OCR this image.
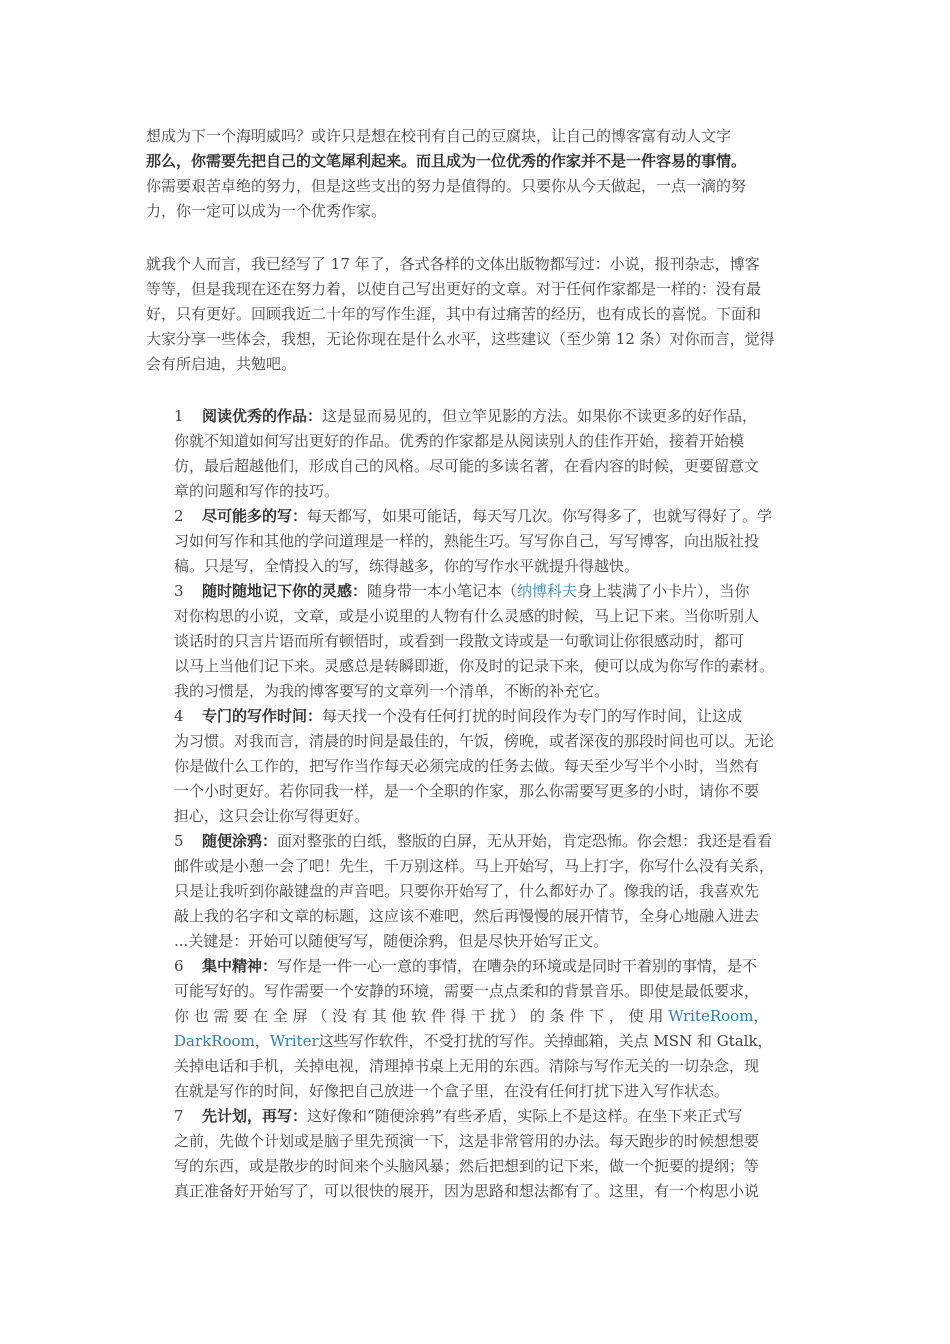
想成为下一个海明威吗？或许只是想在校刊有自己的豆腐块，让自己的博客富有动人文字
那么，你需要先把自己的文笔犀利起来。而且成为一位优秀的作家并不是一件容易的事情。
你需要艰苦卓绝的努力，但是这些支出的努力是值得的。只要你从今天做起，一点一滴的努
力，你一定可以成为一个优秀作家。
就我个人而言，我已经写了 17 年了，各式各样的文体出版物都写过：小说，报刊杂志，博客
等等，但是我现在还在努力着，以使自己写出更好的文章。对于任何作家都是一样的：没有最
好，只有更好。回顾我近二十年的写作生涯，其中有过痛苦的经历，也有成长的喜悦。下面和
大家分享一些体会，我想，无论你现在是什么水平，这些建议（至少第 12 条）对你而言，觉得
会有所启迪，共勉吧。
1 阅读优秀的作品：这是显而易见的，但立竿见影的方法。如果你不读更多的好作品，
你就不知道如何写出更好的作品。优秀的作家都是从阅读别人的佳作开始，接着开始模
仿，最后超越他们，形成自己的风格。尽可能的多读名著，在看内容的时候，更要留意文
章的问题和写作的技巧。
2 尽可能多的写：每天都写，如果可能话，每天写几次。你写得多了，也就写得好了。学
习如何写作和其他的学问道理是一样的，熟能生巧。写写你自己，写写博客，向出版社投
稿。只是写，全情投入的写，练得越多，你的写作水平就提升得越快。
3 随时随地记下你的灵感：随身带一本小笔记本（纳博科夫身上装满了小卡片），当你
对你构思的小说，文章，或是小说里的人物有什么灵感的时候，马上记下来。当你听别人
谈话时的只言片语而所有顿悟时，或看到一段散文诗或是一句歌词让你很感动时，都可
以马上当他们记下来。灵感总是转瞬即逝，你及时的记录下来，便可以成为你写作的素材。
我的习惯是，为我的博客要写的文章列一个清单，不断的补充它。
4 专门的写作时间：每天找一个没有任何打扰的时间段作为专门的写作时间，让这成
为习惯。对我而言，清晨的时间是最佳的，午饭，傍晚，或者深夜的那段时间也可以。无论
你是做什么工作的，把写作当作每天必须完成的任务去做。每天至少写半个小时，当然有
一个小时更好。若你同我一样，是一个全职的作家，那么你需要写更多的小时，请你不要
担心，这只会让你写得更好。
5 随便涂鸦：面对整张的白纸，整版的白屏，无从开始，肯定恐怖。你会想：我还是看看
邮件或是小憩一会了吧！先生，千万别这样。马上开始写，马上打字，你写什么没有关系，
只是让我听到你敲键盘的声音吧。只要你开始写了，什么都好办了。像我的话，我喜欢先
敲上我的名字和文章的标题，这应该不难吧，然后再慢慢的展开情节，全身心地融入进去
...关键是：开始可以随便写写，随便涂鸦，但是尽快开始写正文。
6 集中精神：写作是一件一心一意的事情，在嘈杂的环境或是同时干着别的事情，是不
可能写好的。写作需要一个安静的环境，需要一点点柔和的背景音乐。即使是最低要求，
你 也 需 要 在 全 屏 （ 没 有 其 他 软 件 得 干 扰 ） 的 条 件 下 ， 使 用 WriteRoom，
DarkRoom，Writer这些写作软件，不受打扰的写作。关掉邮箱，关点 MSN 和 Gtalk，
关掉电话和手机，关掉电视，清理掉书桌上无用的东西。清除与写作无关的一切杂念，现
在就是写作的时间，好像把自己放进一个盒子里，在没有任何打扰下进入写作状态。
7 先计划，再写：这好像和“随便涂鸦”有些矛盾，实际上不是这样。在坐下来正式写
之前，先做个计划或是脑子里先预演一下，这是非常管用的办法。每天跑步的时候想想要
写的东西，或是散步的时间来个头脑风暴；然后把想到的记下来，做一个扼要的提纲；等
真正准备好开始写了，可以很快的展开，因为思路和想法都有了。这里，有一个构思小说
